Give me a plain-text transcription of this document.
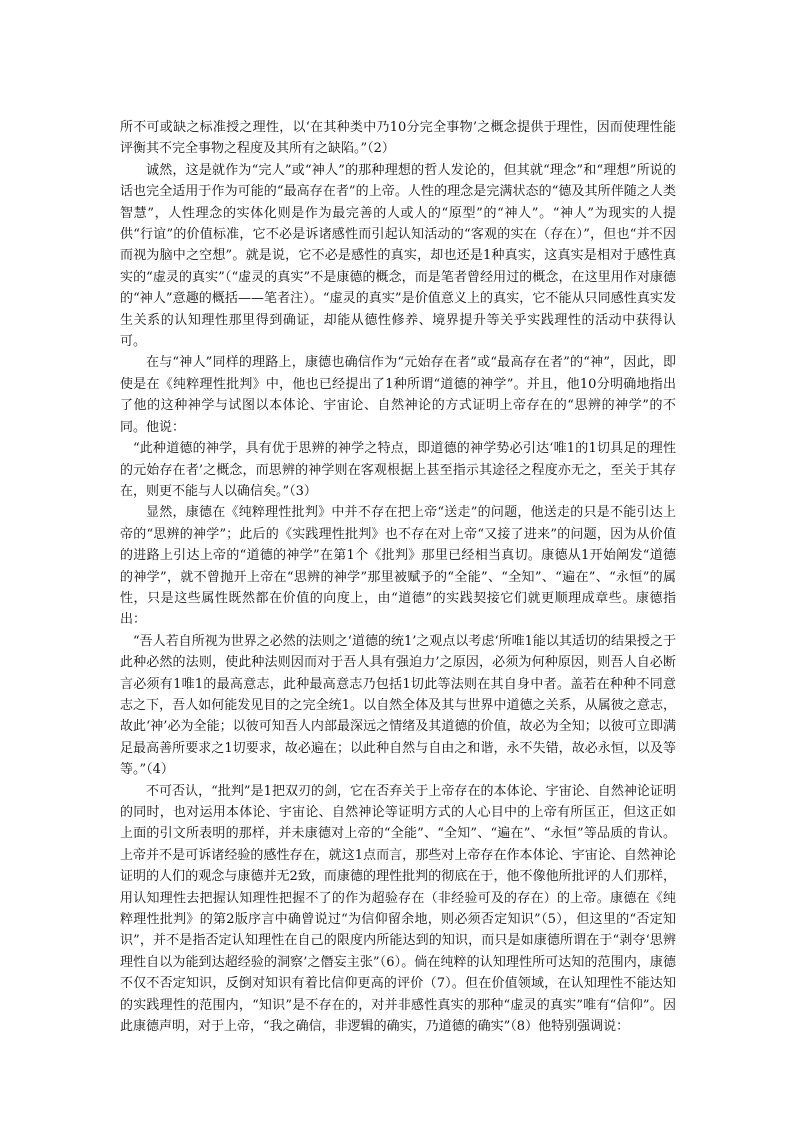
所不可或缺之标准授之理性，以‘在其种类中乃10分完全事物’之概念提供于理性，因而使理性能评衡其不完全事物之程度及其所有之缺陷。”（2）

诚然，这是就作为“完人”或“神人”的那种理想的哲人发论的，但其就“理念”和“理想”所说的话也完全适用于作为可能的“最高存在者”的上帝。人性的理念是完满状态的“德及其所伴随之人类智慧”，人性理念的实体化则是作为最完善的人或人的“原型”的“神人”。“神人”为现实的人提供“行谊”的价值标准，它不必是诉诸感性而引起认知活动的“客观的实在（存在）”，但也“并不因而视为脑中之空想”。就是说，它不必是感性的真实，却也还是1种真实，这真实是相对于感性真实的“虚灵的真实”（“虚灵的真实”不是康德的概念，而是笔者曾经用过的概念，在这里用作对康德的“神人”意趣的概括——笔者注）。“虚灵的真实”是价值意义上的真实，它不能从只同感性真实发生关系的认知理性那里得到确证，却能从德性修养、境界提升等关乎实践理性的活动中获得认可。

在与“神人”同样的理路上，康德也确信作为“元始存在者”或“最高存在者”的“神”，因此，即使是在《纯粹理性批判》中，他也已经提出了1种所谓“道德的神学”。并且，他10分明确地指出了他的这种神学与试图以本体论、宇宙论、自然神论的方式证明上帝存在的“思辨的神学”的不同。他说：

“此种道德的神学，具有优于思辨的神学之特点，即道德的神学势必引达‘唯1的1切具足的理性的元始存在者’之概念，而思辨的神学则在客观根据上甚至指示其途径之程度亦无之，至关于其存在，则更不能与人以确信矣。”（3）

显然，康德在《纯粹理性批判》中并不存在把上帝“送走”的问题，他送走的只是不能引达上帝的“思辨的神学”；此后的《实践理性批判》也不存在对上帝“又接了进来”的问题，因为从价值的进路上引达上帝的“道德的神学”在第1个《批判》那里已经相当真切。康德从1开始阐发“道德的神学”，就不曾抛开上帝在“思辨的神学”那里被赋予的“全能”、“全知”、“遍在”、“永恒”的属性，只是这些属性既然都在价值的向度上，由“道德”的实践契接它们就更顺理成章些。康德指出：

“吾人若自所视为世界之必然的法则之‘道德的统1’之观点以考虑‘所唯1能以其适切的结果授之于此种必然的法则，使此种法则因而对于吾人具有强迫力’之原因，必须为何种原因，则吾人自必断言必须有1唯1的最高意志，此种最高意志乃包括1切此等法则在其自身中者。盖若在种种不同意志之下，吾人如何能发见目的之完全统1。以自然全体及其与世界中道德之关系，从属彼之意志，故此‘神’必为全能；以彼可知吾人内部最深远之情绪及其道德的价值，故必为全知；以彼可立即满足最高善所要求之1切要求，故必遍在；以此种自然与自由之和谐，永不失错，故必永恒，以及等等。”（4）

不可否认，“批判”是1把双刃的剑，它在否弃关于上帝存在的本体论、宇宙论、自然神论证明的同时，也对运用本体论、宇宙论、自然神论等证明方式的人心目中的上帝有所匡正，但这正如上面的引文所表明的那样，并未康德对上帝的“全能”、“全知”、“遍在”、“永恒”等品质的肯认。上帝并不是可诉诸经验的感性存在，就这1点而言，那些对上帝存在作本体论、宇宙论、自然神论证明的人们的观念与康德并无2致，而康德的理性批判的彻底在于，他不像他所批评的人们那样，用认知理性去把握认知理性把握不了的作为超验存在（非经验可及的存在）的上帝。康德在《纯粹理性批判》的第2版序言中确曾说过“为信仰留余地，则必须否定知识”（5），但这里的“否定知识”，并不是指否定认知理性在自己的限度内所能达到的知识，而只是如康德所谓在于“剥夺‘思辨理性自以为能到达超经验的洞察’之僭妄主张”（6）。倘在纯粹的认知理性所可达知的范围内，康德不仅不否定知识，反倒对知识有着比信仰更高的评价（7）。但在价值领域，在认知理性不能达知的实践理性的范围内，“知识”是不存在的，对并非感性真实的那种“虚灵的真实”唯有“信仰”。因此康德声明，对于上帝，“我之确信，非逻辑的确实，乃道德的确实”（8）他特别强调说：
